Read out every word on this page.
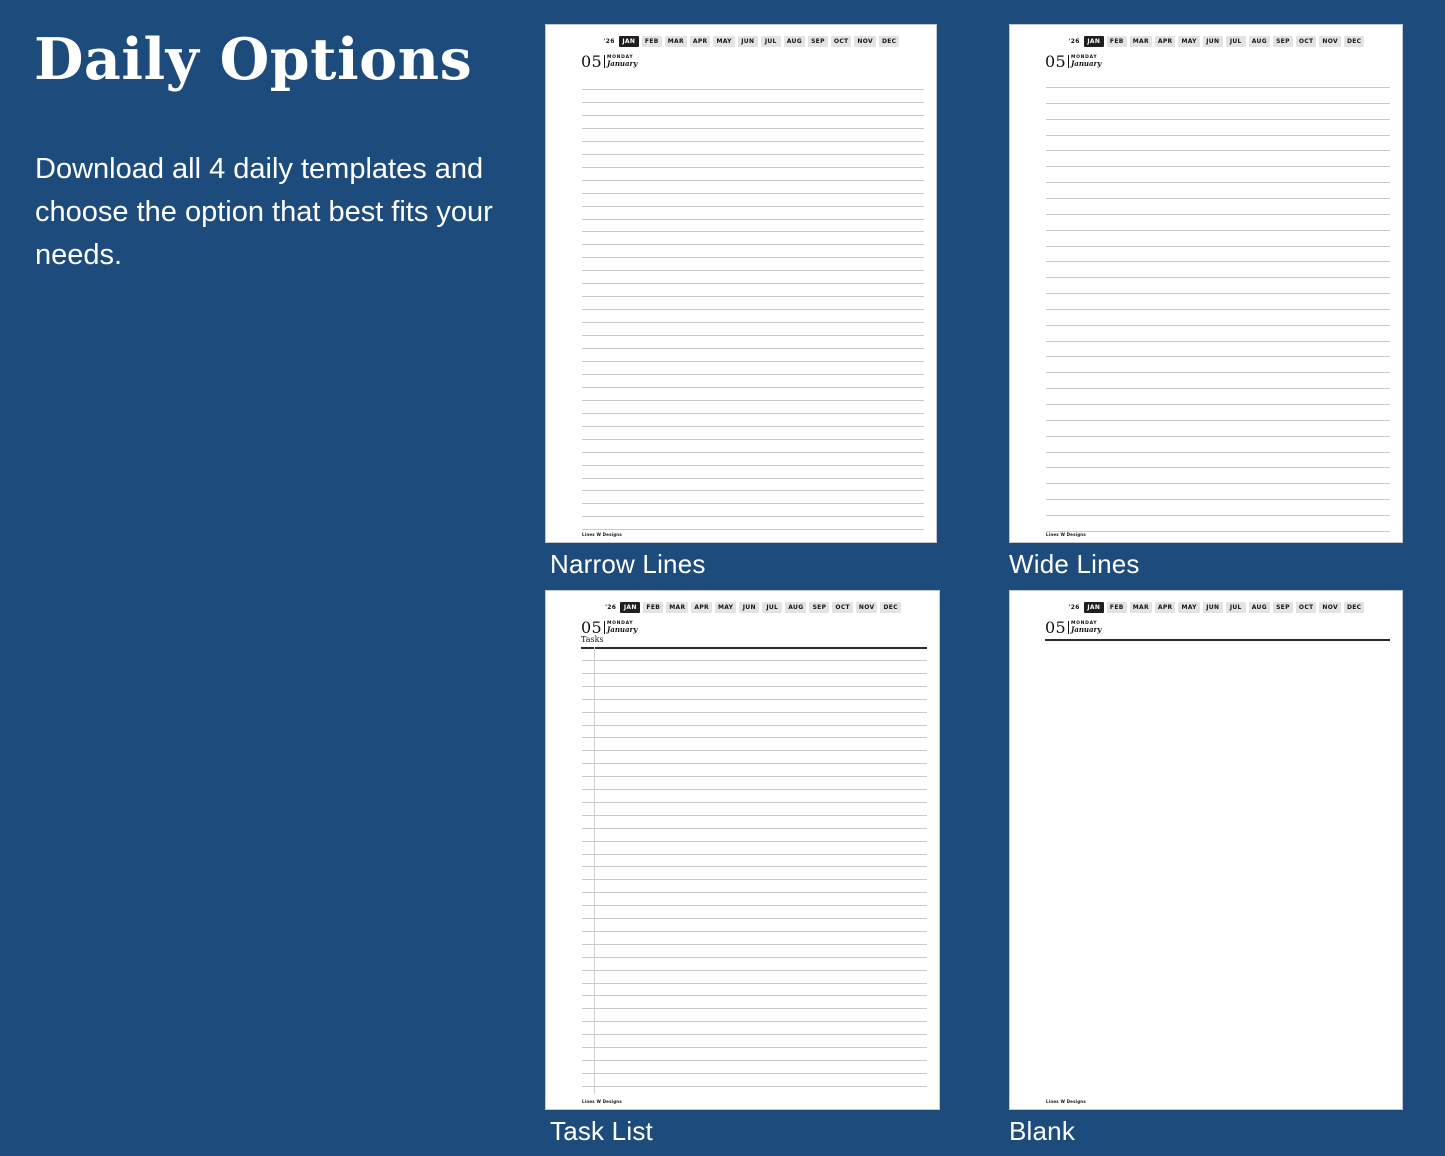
Daily Options
Download all 4 daily templates and choose the option that best fits your needs.
'26	JAN	FEB	MAR	APR	MAY	JUN	JUL	AUG	SEP	OCT	NOV	DEC
05 MONDAY
January
Lines W Designs
Narrow Lines
'26	JAN	FEB	MAR	APR	MAY	JUN	JUL	AUG	SEP	OCT	NOV	DEC
05 MONDAY
January
Lines W Designs
Wide Lines
'26	JAN	FEB	MAR	APR	MAY	JUN	JUL	AUG	SEP	OCT	NOV	DEC
05 MONDAY
January
Tasks
Lines W Designs
Task List
'26	JAN	FEB	MAR	APR	MAY	JUN	JUL	AUG	SEP	OCT	NOV	DEC
05 MONDAY
January
Lines W Designs
Blank
